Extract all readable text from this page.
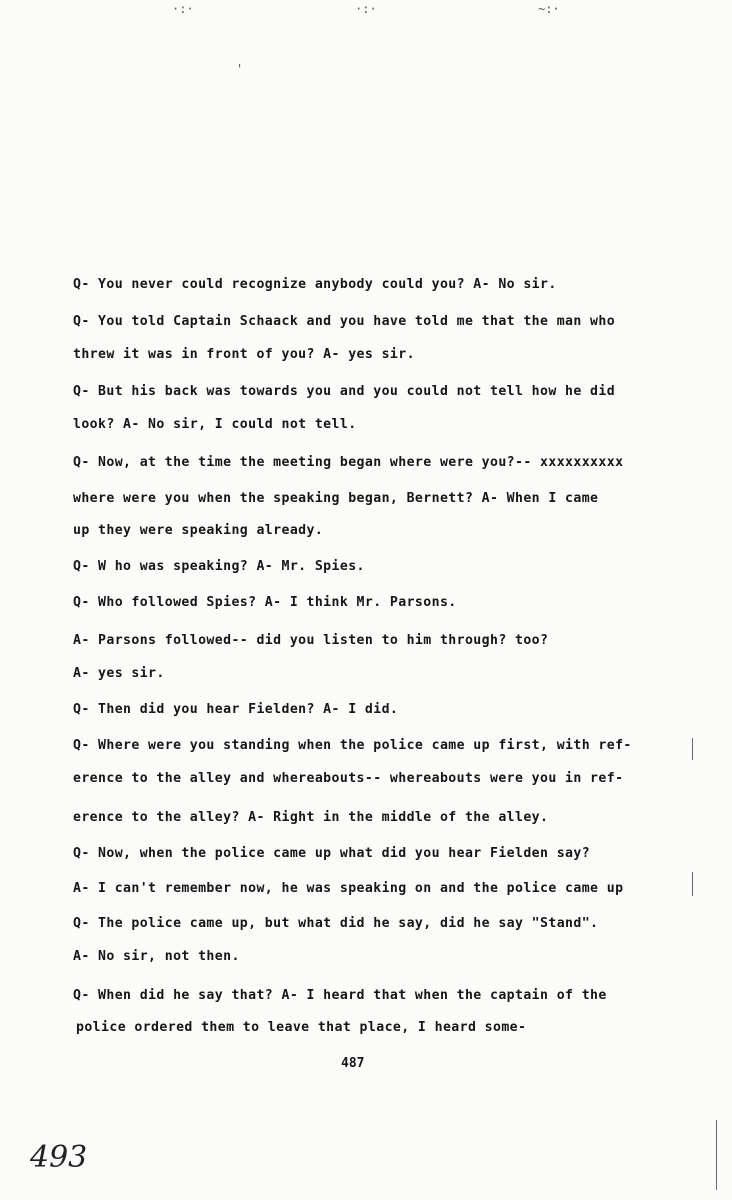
·:·	·:·	~:·
'
Q- You never could recognize anybody could you? A- No sir.
Q- You told Captain Schaack and you have told me that the man who
threw it was in front of you? A- yes sir.
Q- But his back was towards you and you could not tell how he did
look? A- No sir, I could not tell.
Q- Now, at the time the meeting began where were you?-- xxxxxxxxxx
where were you when the speaking began, Bernett? A- When I came
up they were speaking already.
Q- W ho was speaking? A- Mr. Spies.
Q- Who followed Spies? A- I think Mr. Parsons.
A- Parsons followed-- did you listen to him through? too?
A- yes sir.
Q- Then did you hear Fielden? A- I did.
Q- Where were you standing when the police came up first, with ref-
erence to the alley and whereabouts-- whereabouts were you in ref-
erence to the alley? A- Right in the middle of the alley.
Q- Now, when the police came up what did you hear Fielden say?
A- I can't remember now, he was speaking on and the police came up
Q- The police came up, but what did he say, did he say "Stand".
A- No sir, not then.
Q- When did he say that? A- I heard that when the captain of the
police ordered them to leave that place, I heard some-
487
493
